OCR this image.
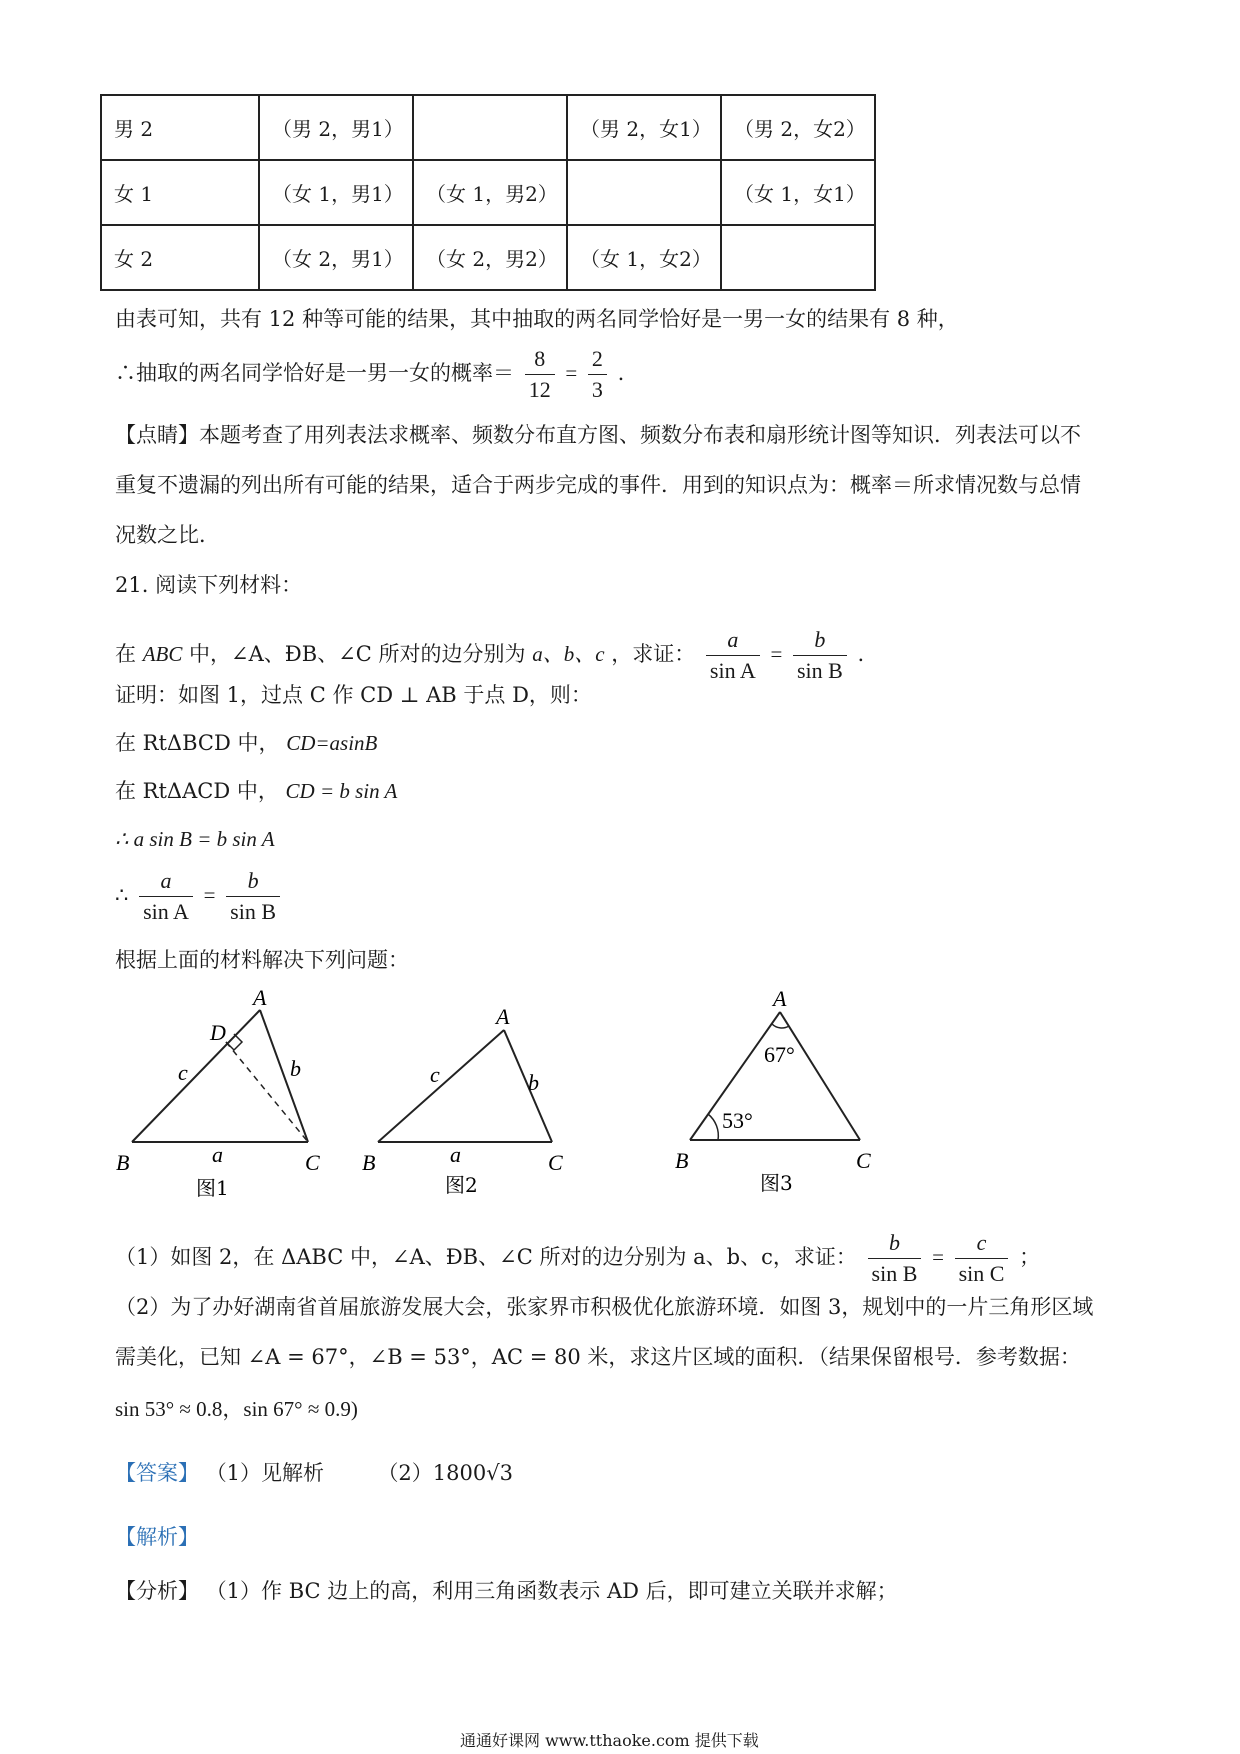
男 2	（男 2，男1）		（男 2，女1）	（男 2，女2）
女 1	（女 1，男1）	（女 1，男2）		（女 1，女1）
女 2	（女 2，男1）	（女 2，男2）	（女 1，女2）	
由表可知，共有 12 种等可能的结果，其中抽取的两名同学恰好是一男一女的结果有 8 种，
∴抽取的两名同学恰好是一男一女的概率＝ $\frac{8}{12} = \frac{2}{3}$ .
【点睛】本题考查了用列表法求概率、频数分布直方图、频数分布表和扇形统计图等知识．列表法可以不
重复不遗漏的列出所有可能的结果，适合于两步完成的事件．用到的知识点为：概率＝所求情况数与总情
况数之比．
21. 阅读下列材料：
在 ABC 中，∠A、ÐB、∠C 所对的边分别为 a、b、c ，求证： $\frac{a}{\text{sin A}} = \frac{b}{\text{sin B}}$ .
证明：如图 1，过点 C 作 CD ⊥ AB 于点 D，则：
在 RtΔBCD 中， CD=asinB
在 RtΔACD 中， CD = b sin A
∴ a sin B = b sin A
∴ $\frac{a}{\text{sin A}} = \frac{b}{\text{sin B}}$
根据上面的材料解决下列问题：
A
D
b
c
B	a	C
图1
A
c	b
B	a	C
图2
A
67°
53°
B	C
图3
（1）如图 2，在 ΔABC 中，∠A、ÐB、∠C 所对的边分别为 a、b、c，求证： $\frac{b}{\text{sin B}} = \frac{c}{\text{sin C}}$ ；
（2）为了办好湖南省首届旅游发展大会，张家界市积极优化旅游环境．如图 3，规划中的一片三角形区域
需美化，已知 ∠A = 67°，∠B = 53°，AC = 80 米，求这片区域的面积．（结果保留根号．参考数据：
sin 53° ≈ 0.8，sin 67° ≈ 0.9)
【答案】 （1）见解析	（2）1800√3
【解析】
【分析】 （1）作 BC 边上的高，利用三角函数表示 AD 后，即可建立关联并求解；
通通好课网 www.tthaoke.com 提供下载
